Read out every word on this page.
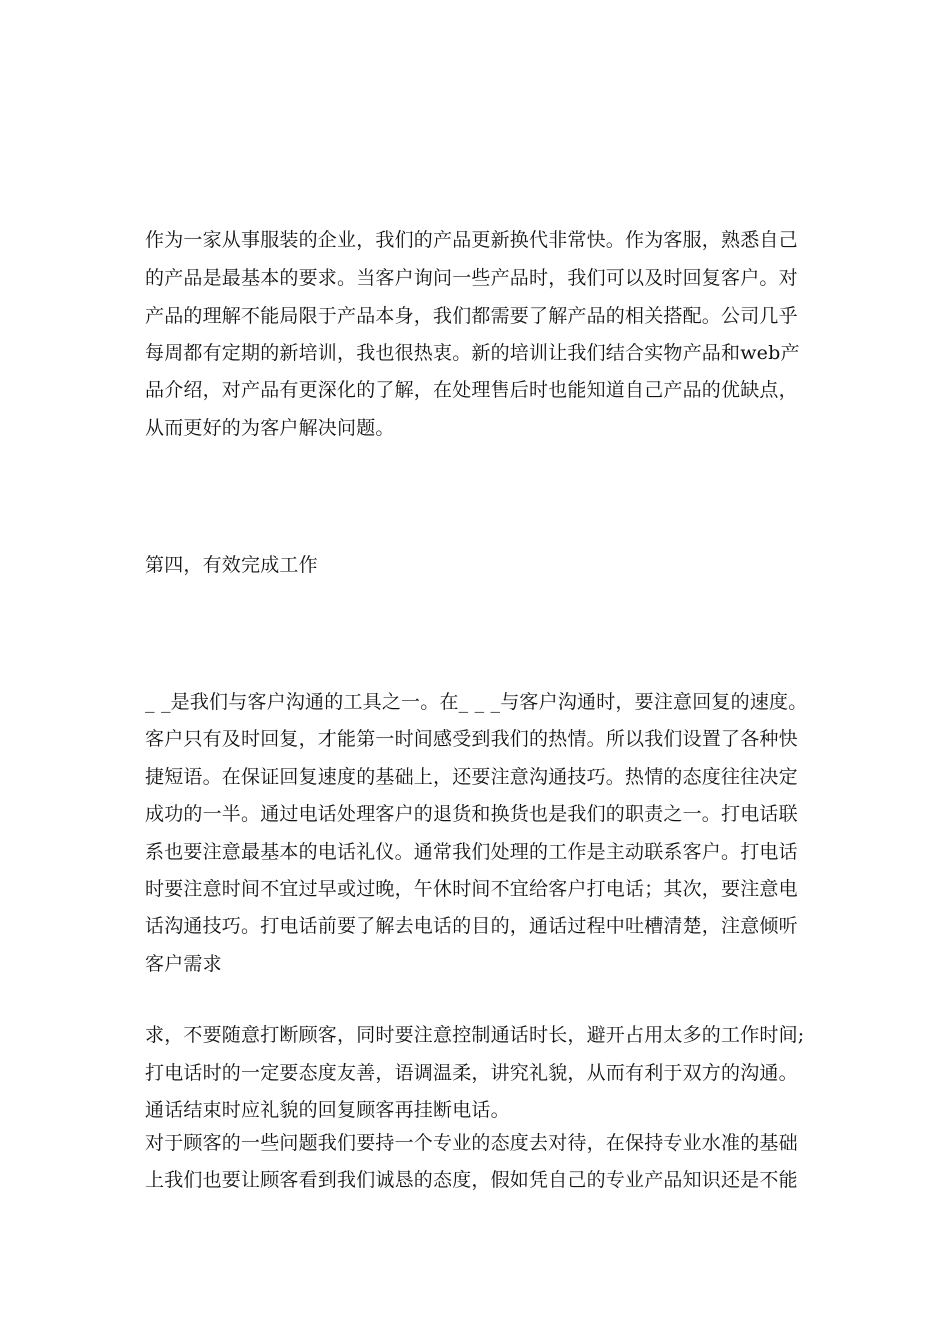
作为一家从事服装的企业，我们的产品更新换代非常快。作为客服，熟悉自己
的产品是最基本的要求。当客户询问一些产品时，我们可以及时回复客户。对
产品的理解不能局限于产品本身，我们都需要了解产品的相关搭配。公司几乎
每周都有定期的新培训，我也很热衷。新的培训让我们结合实物产品和web产
品介绍，对产品有更深化的了解，在处理售后时也能知道自己产品的优缺点，
从而更好的为客户解决问题。
第四，有效完成工作
_ _是我们与客户沟通的工具之一。在_ _ _与客户沟通时，要注意回复的速度。
客户只有及时回复，才能第一时间感受到我们的热情。所以我们设置了各种快
捷短语。在保证回复速度的基础上，还要注意沟通技巧。热情的态度往往决定
成功的一半。通过电话处理客户的退货和换货也是我们的职责之一。打电话联
系也要注意最基本的电话礼仪。通常我们处理的工作是主动联系客户。打电话
时要注意时间不宜过早或过晚，午休时间不宜给客户打电话；其次，要注意电
话沟通技巧。打电话前要了解去电话的目的，通话过程中吐槽清楚，注意倾听
客户需求
求，不要随意打断顾客，同时要注意控制通话时长，避开占用太多的工作时间;
打电话时的一定要态度友善，语调温柔，讲究礼貌，从而有利于双方的沟通。
通话结束时应礼貌的回复顾客再挂断电话。
对于顾客的一些问题我们要持一个专业的态度去对待，在保持专业水准的基础
上我们也要让顾客看到我们诚恳的态度，假如凭自己的专业产品知识还是不能
